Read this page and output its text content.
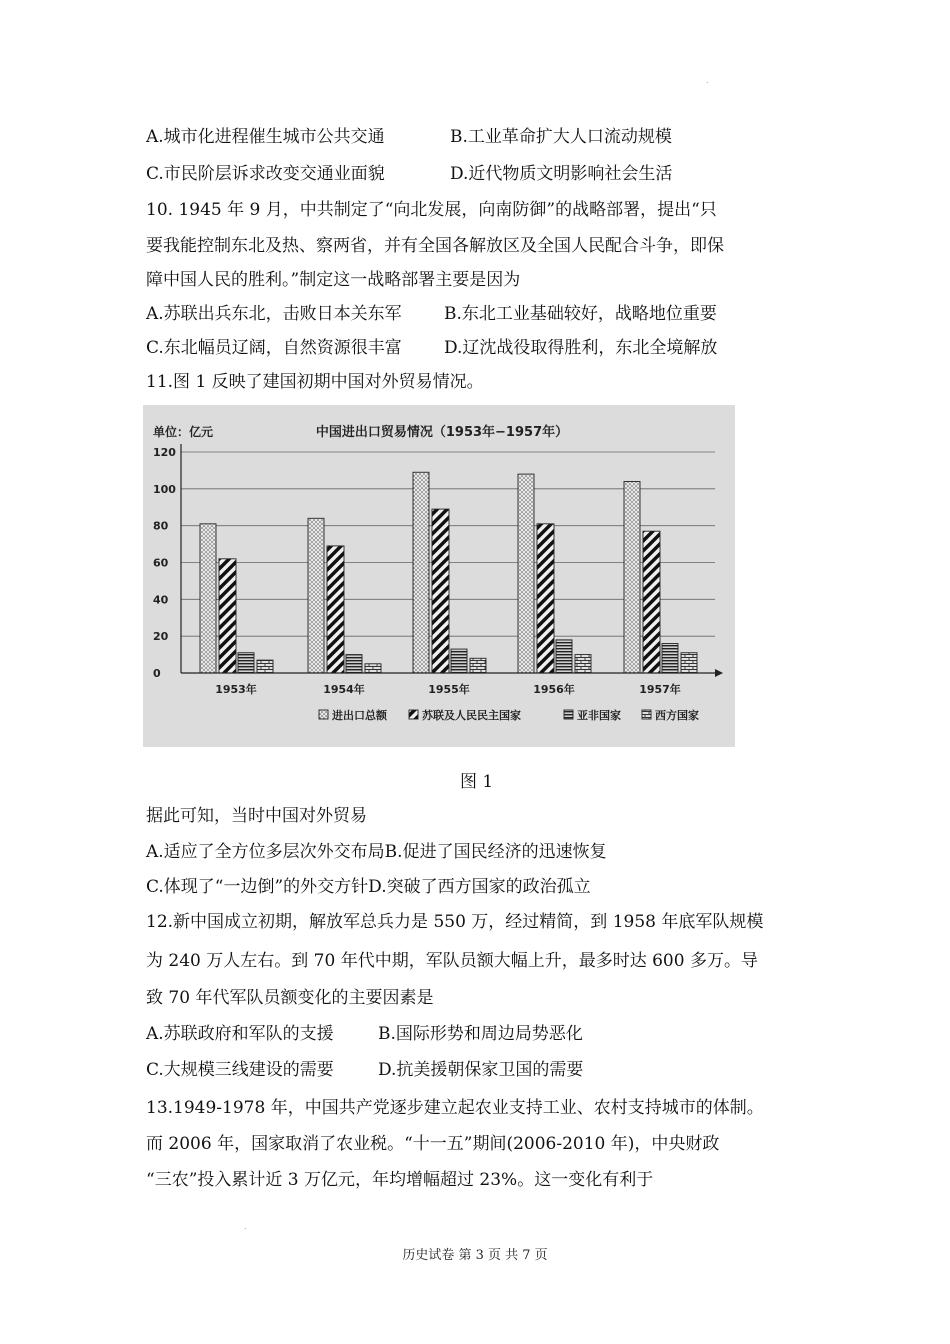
A.城市化进程催生城市公共交通	B.工业革命扩大人口流动规模
C.市民阶层诉求改变交通业面貌	D.近代物质文明影响社会生活
10. 1945 年 9 月，中共制定了“向北发展，向南防御”的战略部署，提出“只
要我能控制东北及热、察两省，并有全国各解放区及全国人民配合斗争，即保
障中国人民的胜利。”制定这一战略部署主要是因为
A.苏联出兵东北，击败日本关东军 B.东北工业基础较好，战略地位重要
C.东北幅员辽阔，自然资源很丰富 D.辽沈战役取得胜利，东北全境解放
11.图 1 反映了建国初期中国对外贸易情况。
0
20
40
60
80
100
120
1953年	1954年	1955年	1956年	1957年
单位：亿元	中国进出口贸易情况（1953年−1957年）
进出口总额	苏联及人民民主国家	亚非国家	西方国家
图 1
据此可知，当时中国对外贸易
A.适应了全方位多层次外交布局B.促进了国民经济的迅速恢复
C.体现了“一边倒”的外交方针D.突破了西方国家的政治孤立
12.新中国成立初期，解放军总兵力是 550 万，经过精简，到 1958 年底军队规模
为 240 万人左右。到 70 年代中期，军队员额大幅上升，最多时达 600 多万。导
致 70 年代军队员额变化的主要因素是
A.苏联政府和军队的支援	B.国际形势和周边局势恶化
C.大规模三线建设的需要	D.抗美援朝保家卫国的需要
13.1949-1978 年，中国共产党逐步建立起农业支持工业、农村支持城市的体制。
而 2006 年，国家取消了农业税。“十一五”期间(2006-2010 年)，中央财政
“三农”投入累计近 3 万亿元，年均增幅超过 23%。这一变化有利于
.
.
历史试卷 第 3 页 共 7 页
